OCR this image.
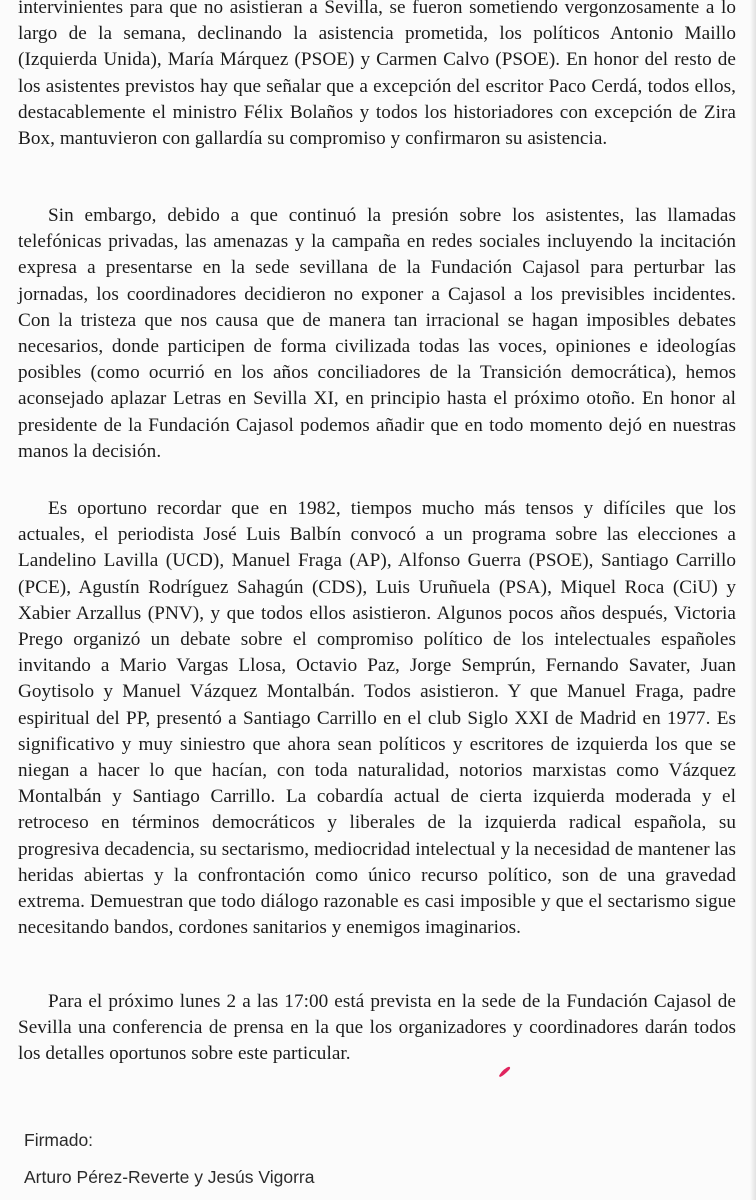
intervinientes para que no asistieran a Sevilla, se fueron sometiendo vergonzosamente a lo largo de la semana, declinando la asistencia prometida, los políticos Antonio Maillo (Izquierda Unida), María Márquez (PSOE) y Carmen Calvo (PSOE). En honor del resto de los asistentes previstos hay que señalar que a excepción del escritor Paco Cerdá, todos ellos, destacablemente el ministro Félix Bolaños y todos los historiadores con excepción de Zira Box, mantuvieron con gallardía su compromiso y confirmaron su asistencia.

Sin embargo, debido a que continuó la presión sobre los asistentes, las llamadas telefónicas privadas, las amenazas y la campaña en redes sociales incluyendo la incitación expresa a presentarse en la sede sevillana de la Fundación Cajasol para perturbar las jornadas, los coordinadores decidieron no exponer a Cajasol a los previsibles incidentes. Con la tristeza que nos causa que de manera tan irracional se hagan imposibles debates necesarios, donde participen de forma civilizada todas las voces, opiniones e ideologías posibles (como ocurrió en los años conciliadores de la Transición democrática), hemos aconsejado aplazar Letras en Sevilla XI, en principio hasta el próximo otoño. En honor al presidente de la Fundación Cajasol podemos añadir que en todo momento dejó en nuestras manos la decisión.

Es oportuno recordar que en 1982, tiempos mucho más tensos y difíciles que los actuales, el periodista José Luis Balbín convocó a un programa sobre las elecciones a Landelino Lavilla (UCD), Manuel Fraga (AP), Alfonso Guerra (PSOE), Santiago Carrillo (PCE), Agustín Rodríguez Sahagún (CDS), Luis Uruñuela (PSA), Miquel Roca (CiU) y Xabier Arzallus (PNV), y que todos ellos asistieron. Algunos pocos años después, Victoria Prego organizó un debate sobre el compromiso político de los intelectuales españoles invitando a Mario Vargas Llosa, Octavio Paz, Jorge Semprún, Fernando Savater, Juan Goytisolo y Manuel Vázquez Montalbán. Todos asistieron. Y que Manuel Fraga, padre espiritual del PP, presentó a Santiago Carrillo en el club Siglo XXI de Madrid en 1977. Es significativo y muy siniestro que ahora sean políticos y escritores de izquierda los que se niegan a hacer lo que hacían, con toda naturalidad, notorios marxistas como Vázquez Montalbán y Santiago Carrillo. La cobardía actual de cierta izquierda moderada y el retroceso en términos democráticos y liberales de la izquierda radical española, su progresiva decadencia, su sectarismo, mediocridad intelectual y la necesidad de mantener las heridas abiertas y la confrontación como único recurso político, son de una gravedad extrema. Demuestran que todo diálogo razonable es casi imposible y que el sectarismo sigue necesitando bandos, cordones sanitarios y enemigos imaginarios.

Para el próximo lunes 2 a las 17:00 está prevista en la sede de la Fundación Cajasol de Sevilla una conferencia de prensa en la que los organizadores y coordinadores darán todos los detalles oportunos sobre este particular.

Firmado:

Arturo Pérez-Reverte y Jesús Vigorra
